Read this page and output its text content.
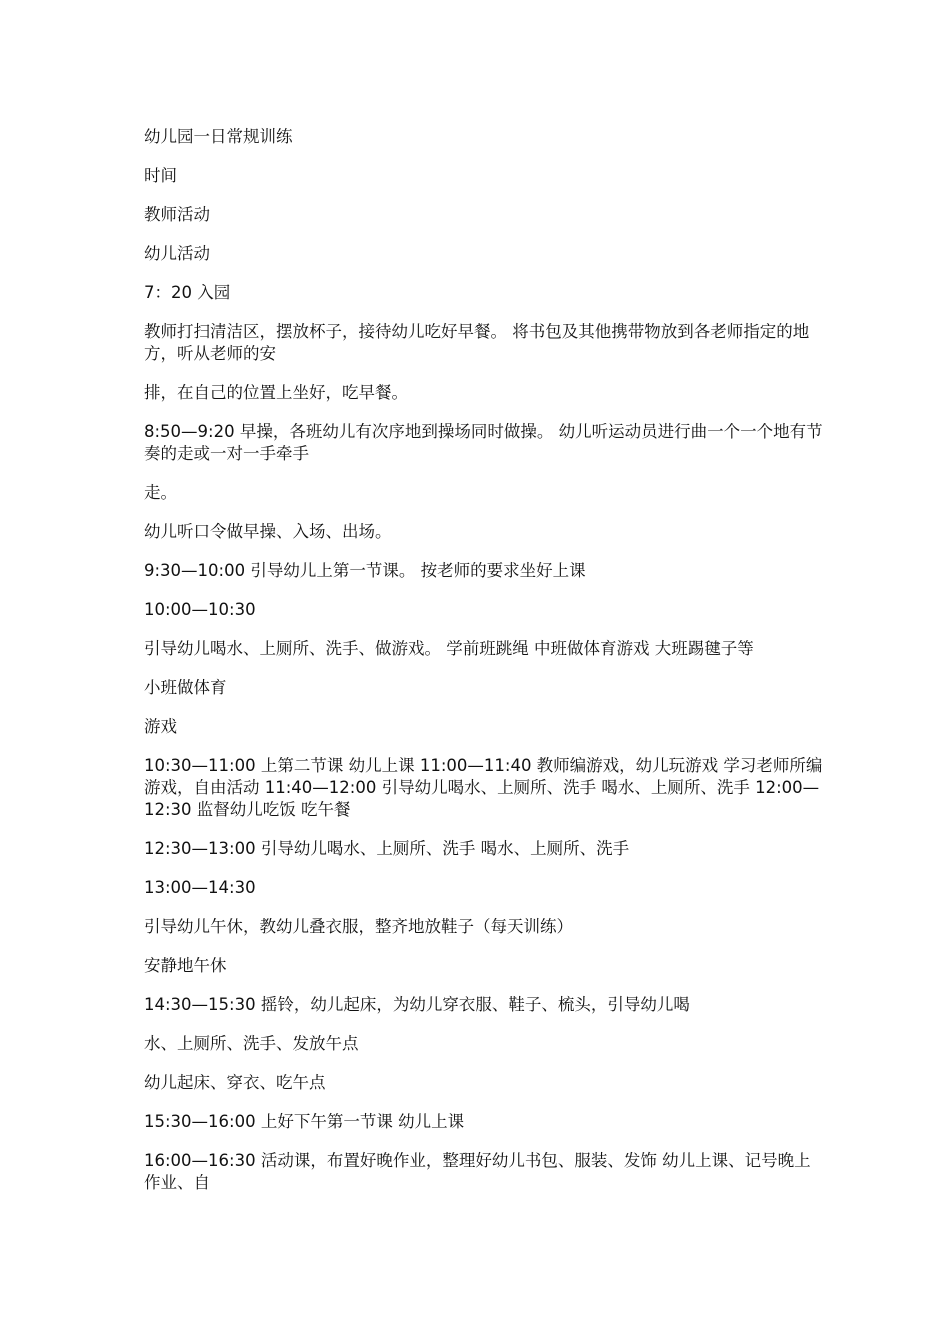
幼儿园一日常规训练

时间

教师活动

幼儿活动

7：20 入园

教师打扫清洁区，摆放杯子，接待幼儿吃好早餐。 将书包及其他携带物放到各老师指定的地方，听从老师的安

排，在自己的位置上坐好，吃早餐。

8:50—9:20 早操，各班幼儿有次序地到操场同时做操。 幼儿听运动员进行曲一个一个地有节奏的走或一对一手牵手

走。

幼儿听口令做早操、入场、出场。

9:30—10:00 引导幼儿上第一节课。 按老师的要求坐好上课

10:00—10:30

引导幼儿喝水、上厕所、洗手、做游戏。 学前班跳绳 中班做体育游戏 大班踢毽子等

小班做体育

游戏

10:30—11:00 上第二节课 幼儿上课 11:00—11:40 教师编游戏，幼儿玩游戏 学习老师所编游戏，自由活动 11:40—12:00 引导幼儿喝水、上厕所、洗手 喝水、上厕所、洗手 12:00—12:30 监督幼儿吃饭 吃午餐

12:30—13:00 引导幼儿喝水、上厕所、洗手 喝水、上厕所、洗手

13:00—14:30

引导幼儿午休，教幼儿叠衣服，整齐地放鞋子（每天训练）

安静地午休

14:30—15:30 摇铃，幼儿起床，为幼儿穿衣服、鞋子、梳头，引导幼儿喝

水、上厕所、洗手、发放午点

幼儿起床、穿衣、吃午点

15:30—16:00 上好下午第一节课 幼儿上课

16:00—16:30 活动课，布置好晚作业，整理好幼儿书包、服装、发饰 幼儿上课、记号晚上作业、自
